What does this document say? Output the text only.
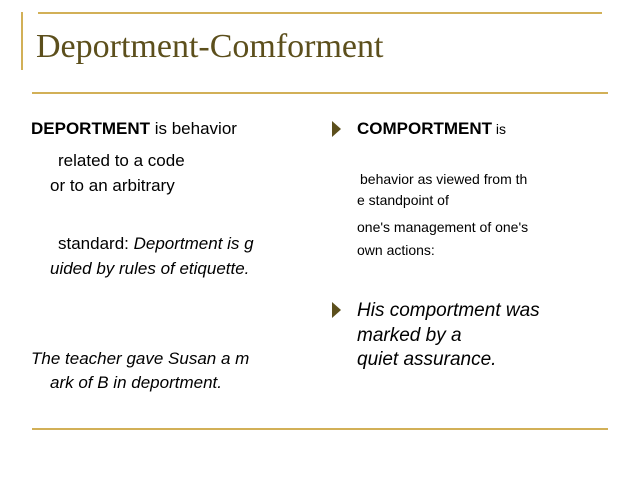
Deportment-Comforment
DEPORTMENT is behavior
related to a code
or to an arbitrary
standard: Deportment is g
uided by rules of etiquette.
The teacher gave Susan a m
ark of B in deportment.
COMPORTMENT is
behavior as viewed from th
e standpoint of
one's management of one's
own actions:
His comportment was
marked by a
quiet assurance.
